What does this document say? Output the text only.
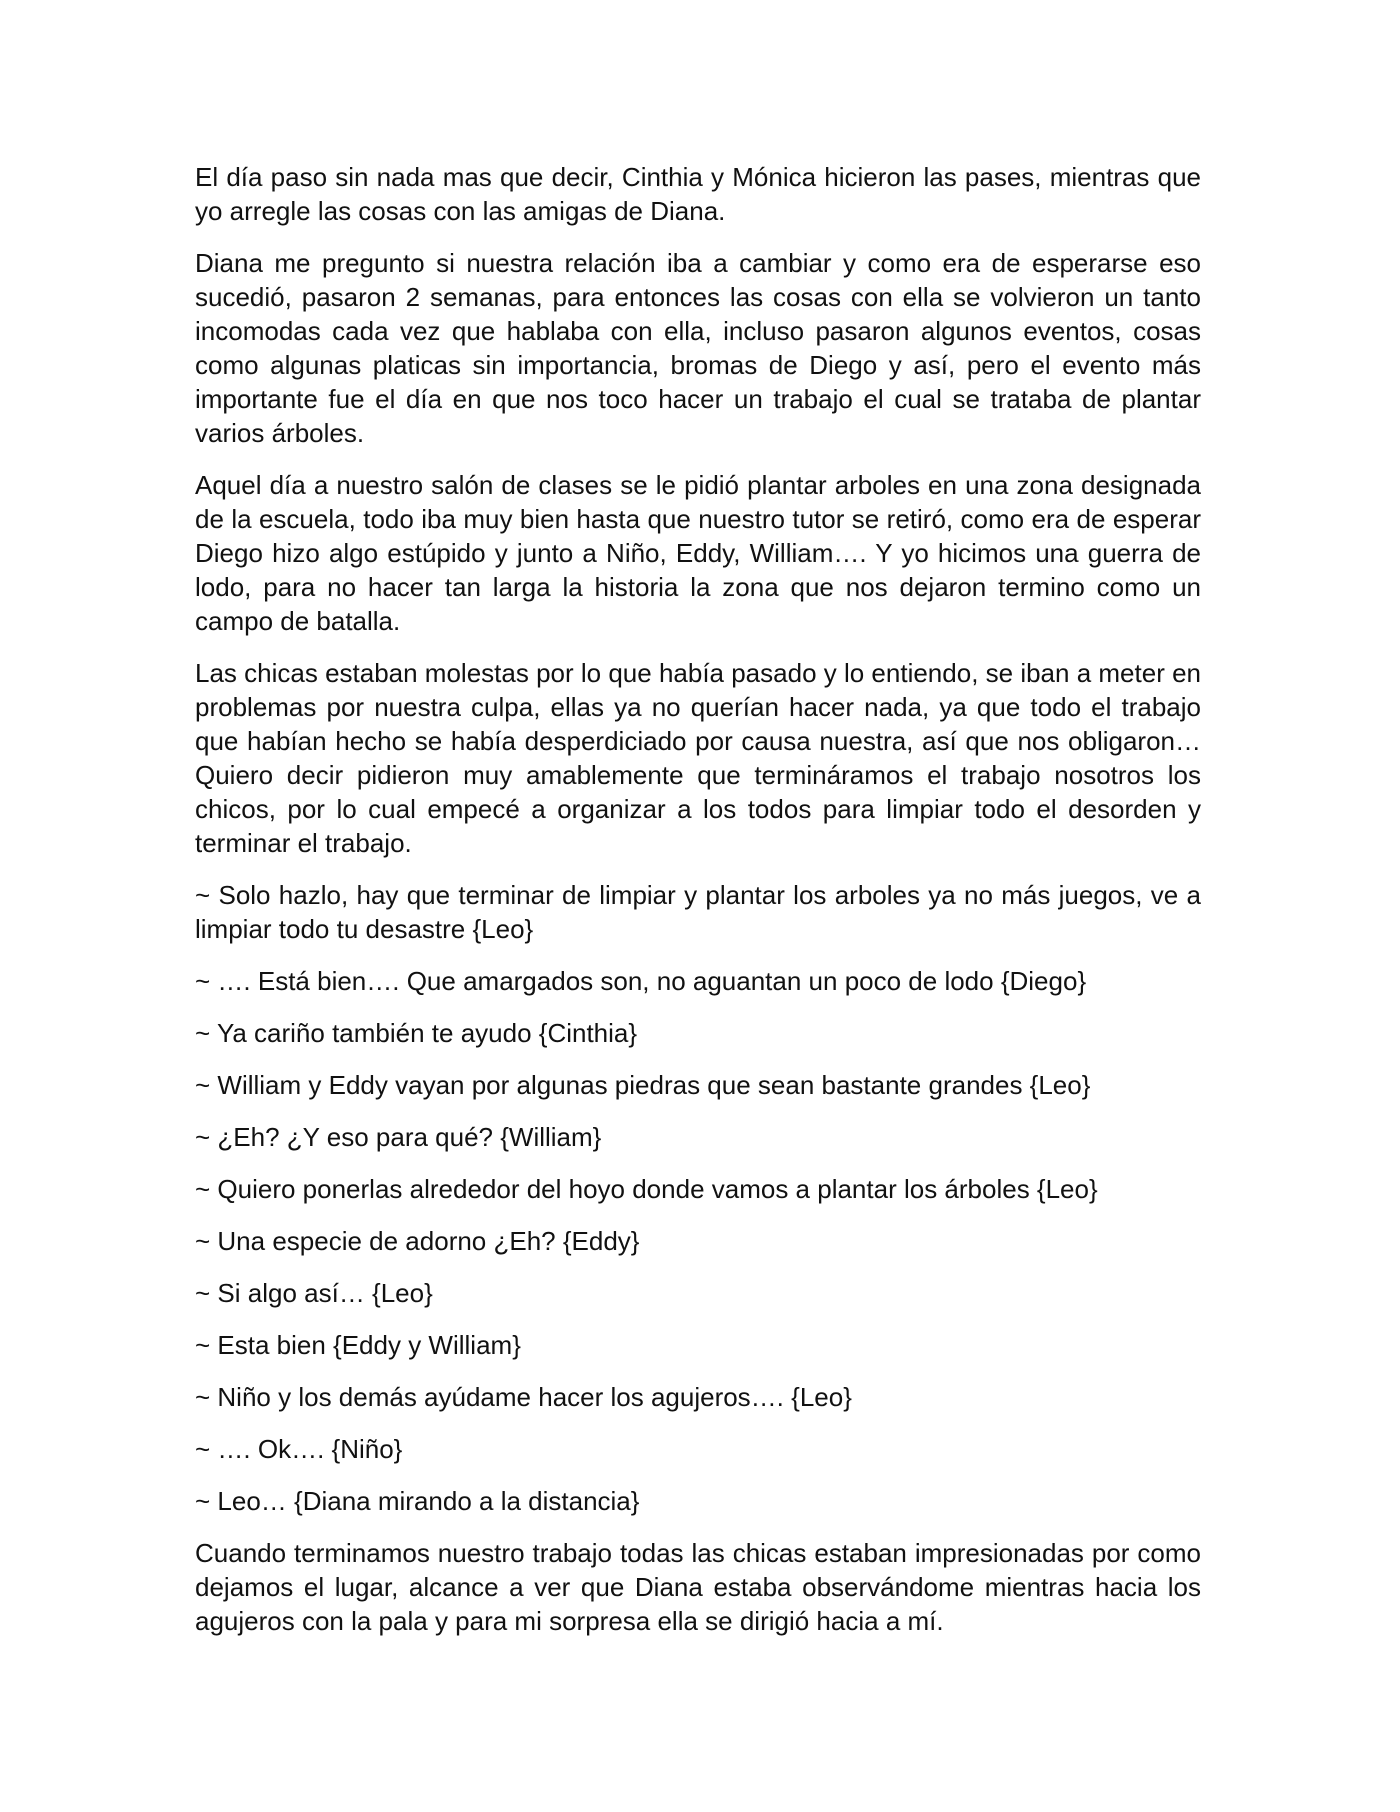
El día paso sin nada mas que decir, Cinthia y Mónica hicieron las pases, mientras que yo arregle las cosas con las amigas de Diana.

Diana me pregunto si nuestra relación iba a cambiar y como era de esperarse eso sucedió, pasaron 2 semanas, para entonces las cosas con ella se volvieron un tanto incomodas cada vez que hablaba con ella, incluso pasaron algunos eventos, cosas como algunas platicas sin importancia, bromas de Diego y así, pero el evento más importante fue el día en que nos toco hacer un trabajo el cual se trataba de plantar varios árboles.

Aquel día a nuestro salón de clases se le pidió plantar arboles en una zona designada de la escuela, todo iba muy bien hasta que nuestro tutor se retiró, como era de esperar Diego hizo algo estúpido y junto a Niño, Eddy, William…. Y yo hicimos una guerra de lodo, para no hacer tan larga la historia la zona que nos dejaron termino como un campo de batalla.

Las chicas estaban molestas por lo que había pasado y lo entiendo, se iban a meter en problemas por nuestra culpa, ellas ya no querían hacer nada, ya que todo el trabajo que habían hecho se había desperdiciado por causa nuestra, así que nos obligaron… Quiero decir pidieron muy amablemente que termináramos el trabajo nosotros los chicos, por lo cual empecé a organizar a los todos para limpiar todo el desorden y terminar el trabajo.

~ Solo hazlo, hay que terminar de limpiar y plantar los arboles ya no más juegos, ve a limpiar todo tu desastre {Leo}

~ …. Está bien…. Que amargados son, no aguantan un poco de lodo {Diego}

~ Ya cariño también te ayudo {Cinthia}

~ William y Eddy vayan por algunas piedras que sean bastante grandes {Leo}

~ ¿Eh? ¿Y eso para qué? {William}

~ Quiero ponerlas alrededor del hoyo donde vamos a plantar los árboles {Leo}

~ Una especie de adorno ¿Eh? {Eddy}

~ Si algo así… {Leo}

~ Esta bien {Eddy y William}

~ Niño y los demás ayúdame hacer los agujeros…. {Leo}

~ …. Ok…. {Niño}

~ Leo… {Diana mirando a la distancia}

Cuando terminamos nuestro trabajo todas las chicas estaban impresionadas por como dejamos el lugar, alcance a ver que Diana estaba observándome mientras hacia los agujeros con la pala y para mi sorpresa ella se dirigió hacia a mí.
